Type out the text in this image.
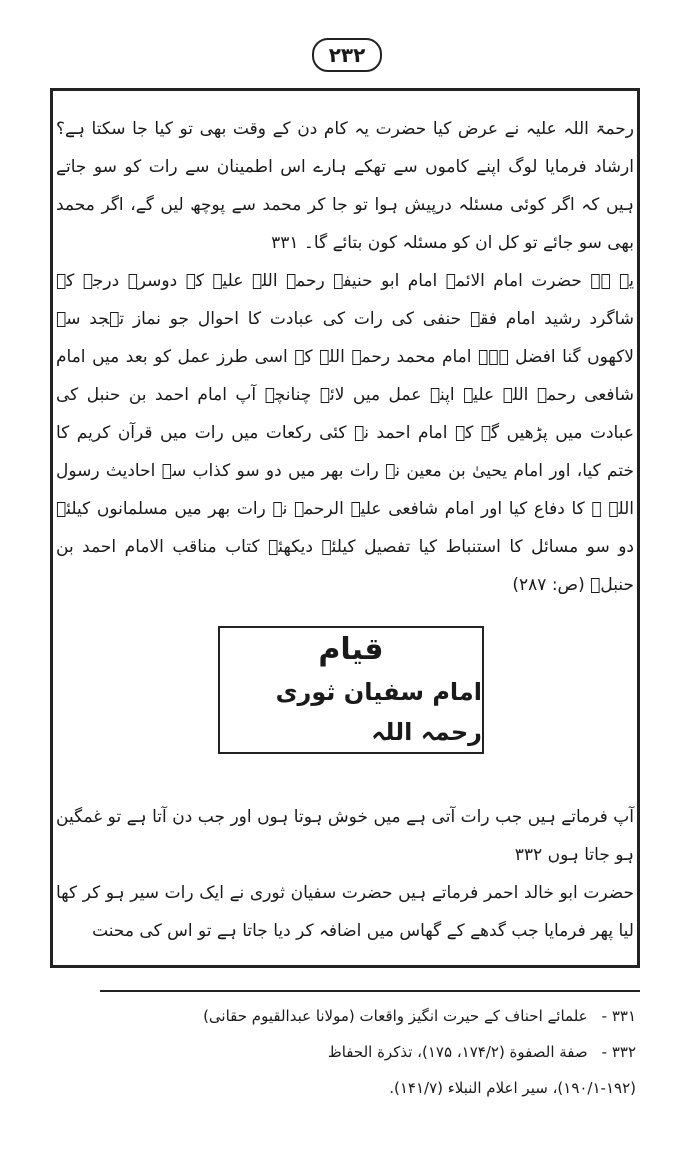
۲۳۲
رحمۃ اللہ علیہ نے عرض کیا حضرت یہ کام دن کے وقت بھی تو کیا جا سکتا ہے؟ ارشاد فرمایا لوگ اپنے کاموں سے تھکے ہارے اس اطمینان سے رات کو سو جاتے ہیں کہ اگر کوئی مسئلہ درپیش ہوا تو جا کر محمد سے پوچھ لیں گے، اگر محمد بھی سو جائے تو کل ان کو مسئلہ کون بتائے گا۔ ۳۳۱
یہ ہے حضرت امام الائمہ امام ابو حنیفہ رحمۃ اللہ علیہ کے دوسرے درجہ کے شاگرد رشید امام فقہ حنفی کی رات کی عبادت کا احوال جو نماز تہجد سے لاکھوں گنا افضل ہے۔ امام محمد رحمہ اللہ کے اسی طرز عمل کو بعد میں امام شافعی رحمۃ اللہ علیہ اپنے عمل میں لائے چنانچہ آپ امام احمد بن حنبل کی عبادت میں پڑھیں گے کہ امام احمد نے کئی رکعات میں رات میں قرآن کریم کا ختم کیا، اور امام یحییٰ بن معین نے رات بھر میں دو سو کذاب سے احادیث رسول اللہ ﷺ کا دفاع کیا اور امام شافعی علیہ الرحمۃ نے رات بھر میں مسلمانوں کیلئے دو سو مسائل کا استنباط کیا تفصیل کیلئے دیکھئے کتاب مناقب الامام احمد بن حنبلؒ (ص: ۲۸۷)
قیام
امام سفیان ثوری رحمہ اللہ
آپ فرماتے ہیں جب رات آتی ہے میں خوش ہوتا ہوں اور جب دن آتا ہے تو غمگین ہو جاتا ہوں ۳۳۲
حضرت ابو خالد احمر فرماتے ہیں حضرت سفیان ثوری نے ایک رات سیر ہو کر کھا لیا پھر فرمایا جب گدھے کے گھاس میں اضافہ کر دیا جاتا ہے تو اس کی محنت
۳۳۱ -علمائے احناف کے حیرت انگیز واقعات (مولانا عبدالقیوم حقانی)
۳۳۲ -صفة الصفوة (۱۷۴/۲، ۱۷۵)، تذكرة الحفاظ
(۱۹۰/۱-۱۹۲)، سير اعلام النبلاء (۱۴۱/۷).
